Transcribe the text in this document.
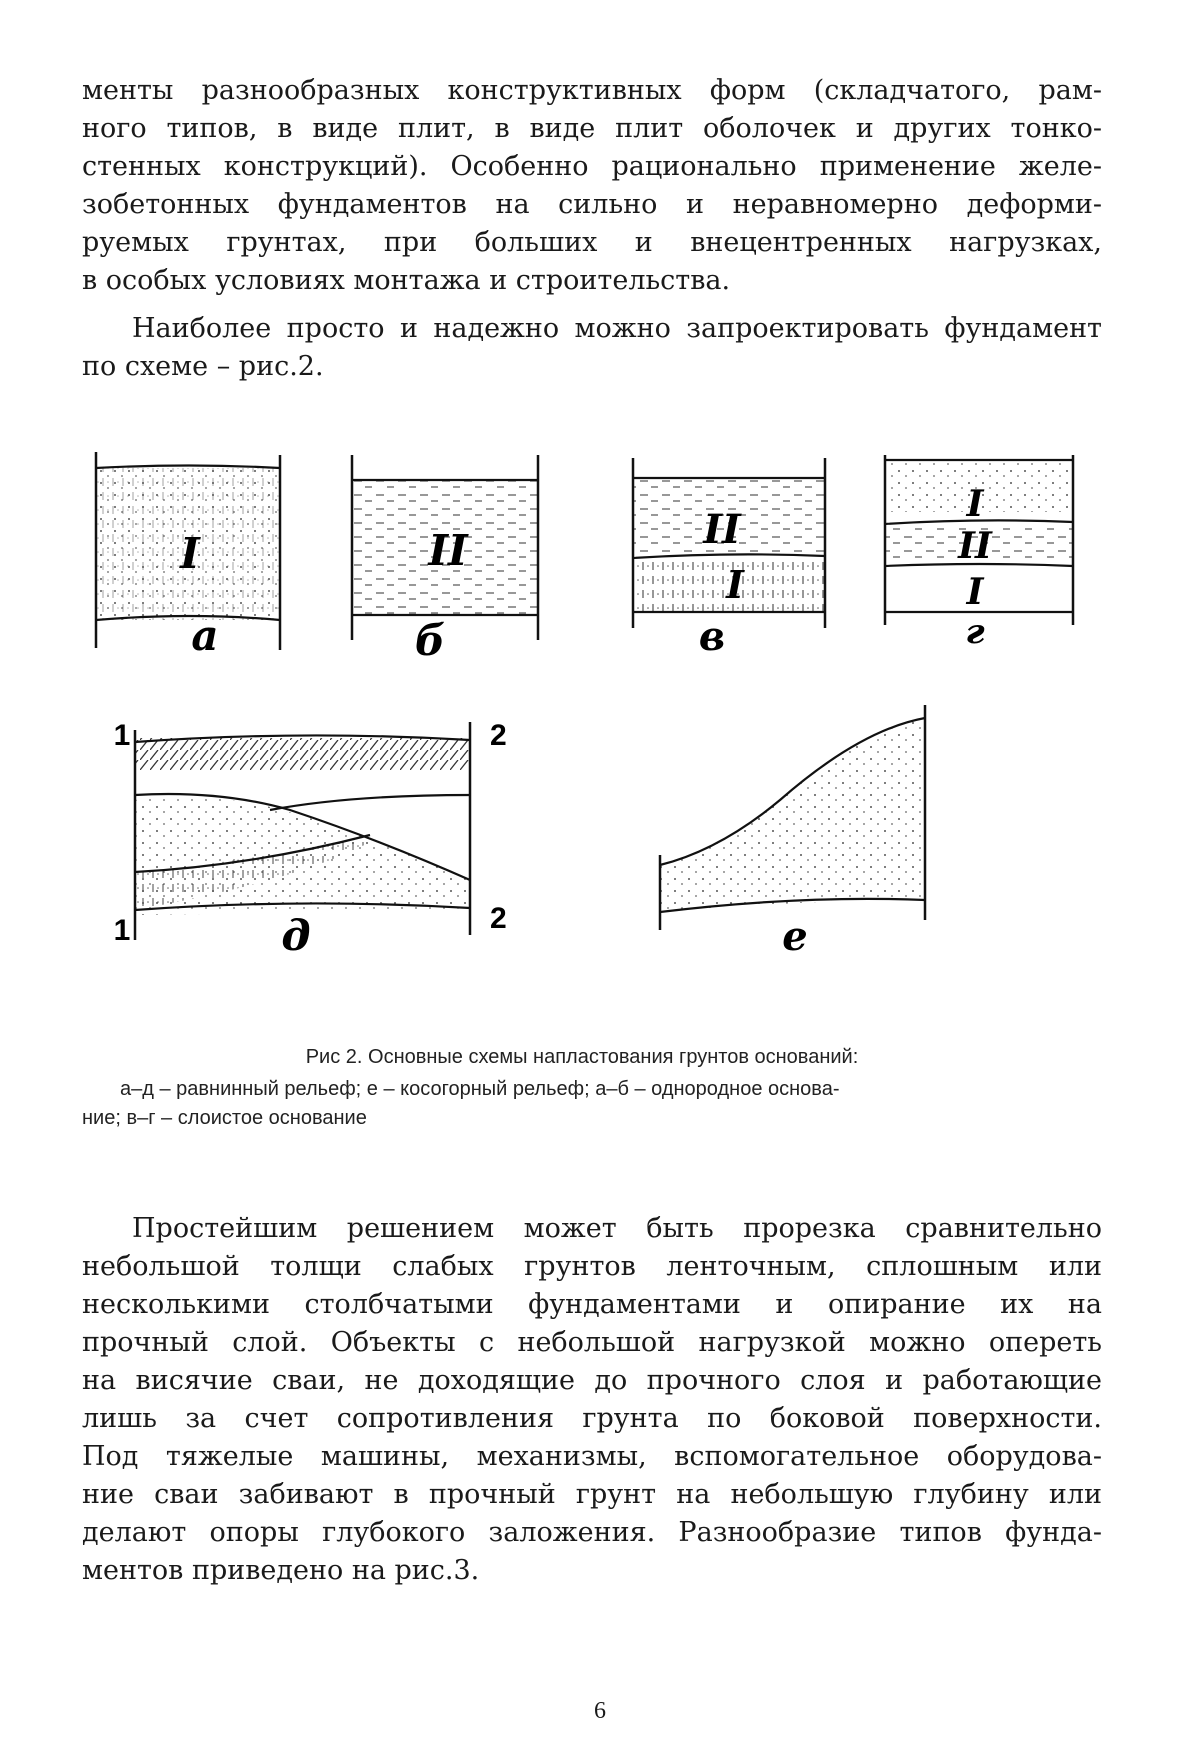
менты разнообразных конструктивных форм (складчатого, рам-
ного типов, в виде плит, в виде плит оболочек и других тонко-
стенных конструкций). Особенно рационально применение желе-
зобетонных фундаментов на сильно и неравномерно деформи-
руемых грунтах, при больших и внецентренных нагрузках,
в особых условиях монтажа и строительства.
Наиболее просто и надежно можно запроектировать фундамент
по схеме – рис.2.
I
а
II
б
II
I
в
I
II
I
г
1	2
1	2
д	е
Рис 2. Основные схемы напластования грунтов оснований:
а–д – равнинный рельеф; е – косогорный рельеф; а–б – однородное основа-
ние; в–г – слоистое основание
Простейшим решением может быть прорезка сравнительно
небольшой толщи слабых грунтов ленточным, сплошным или
несколькими столбчатыми фундаментами и опирание их на
прочный слой. Объекты с небольшой нагрузкой можно опереть
на висячие сваи, не доходящие до прочного слоя и работающие
лишь за счет сопротивления грунта по боковой поверхности.
Под тяжелые машины, механизмы, вспомогательное оборудова-
ние сваи забивают в прочный грунт на небольшую глубину или
делают опоры глубокого заложения. Разнообразие типов фунда-
ментов приведено на рис.3.
6
